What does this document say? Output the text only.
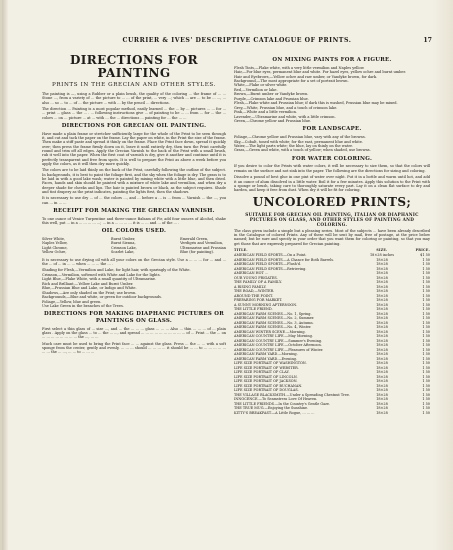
CURRIER & IVES' DESCRIPTIVE CATALOGUE OF PRINTS.	17
DIRECTIONS FOR PAINTING
PRINTS IN THE GRECIAN AND OTHER STYLES.

The painting is —, using a Rubber or a plain brush, the quality of the coloring ... the frame of ... ... Stone ..., from a variety of ... the picture to ... ... of the print, ... very ...; which ... are ... to be ... ..., ... also ... so ... to ... of ... the picture ... with ... by the pencil ... directions.

The direction ... Painting is a most popular method, easily learned ... the ... by ... pictures ... ... for ... ... print ... glass ... the ... . ... following instructions give ... of painting to be ... ... from ... for ... the ... colors ... on ... picture ... at ... with ... the ... directions ... painting for ... the ... ...

DIRECTIONS FOR GRECIAN OIL PAINTING.

Have made a plain frame or stretcher sufficiently large for the whole of the Print to be seen through it, and cut and tack the paper on the frame. Lay the paper on white, in the Print the size of the frame. Then make a stiff paste and spread it thinly on the frame. Place the Print face down, spread it quickly over; then press the frame firmly down on it, leave it until entirely dry, then turn the Print carefully round and trim off all edges. Apply the Grecian Varnish to the back of the Print with a small brush, rub it well into the paper. When the first coat of varnish is dry, give it another and continue until it is perfectly transparent and free from spots. It is well to prepare the Print as above a week before you apply the colors, as it will then dry more quickly.

The colors are to be laid thinly on the back of the Print, carefully following the outline of the subject. In backgrounds, it is best to paint the foliage first, and the sky when the foliage is dry. The grass is to be laid in with a good lake wash; water is painted by mixing white with a little blue, and then dried. Faces, hands and skin should be painted with a mixture of white lake and vermilion, and when dry a deeper shade for cheeks and lips. The hair is painted brown or black, as the subject requires. Shade and tint drapery as the print indicates, painting the lights first, then the shadows.

It is necessary to use dry ... of ... the colors ..., and ... before a ... is ... from ... Varnish ... the ..., you can ... in ... ...

RECEIPT FOR MAKING THE GRECIAN VARNISH.

To one ounce of Venice Turpentine and three-ounce Balsam of Fir, add four ounces of Alcohol, shake this well, put ... in a ... ... ... ... ...; ... in a ... ... ... ... it is ... ... and ... of the ... .

OIL COLORS USED.
Silver White,
Naples Yellow,
Light Chrome,
Yellow Ochre,
Burnt Umber,
Burnt Sienna,
Crimson Lake,
Scarlet Lake,
Emerald Green,
Verdigris and Vermilion,
Ultramarine and Prussian
Blue (for painting).

It is necessary to use drying oil with all your colors on the Grecian style. Use a ... ... ... for ... and ... the ... of ... in ... ... when ... ... ... the ... .

Shading for Flesh,—Vermilion and Lake, for light hair, with sparingly of the White.
Crimson,—Vermilion, softened with White and Lake for the lights.
Light Blue,—Flake White, with a small quantity of Ultramarine.
Rich and Brilliant,—Yellow Lake and Burnt Umber.
Blue,—Prussian Blue and Lake, or Indigo and White.
Shadows,—Are only shaded on the Print; use brown.
Backgrounds,—Blue and white, or green for outdoor backgrounds.
Foliage,—Yellow, blue and green.
Use Lake Green in the branches of the Trees.
DIRECTIONS FOR MAKING DIAPHANIC PICTURES OR PAINTINGS ON GLASS.

First select a thin glass of ... size ..., and ... the ... ... ... glass ... ... ... Also ... thin ... ... ... of ... plain glass . Apply on the glass ... to ... the ... ..., and spread ... ... ... ... ... ... ... ... ... ... of ... Print ... the ... on ... ... ... ... ... ... ... ... the ..., ... ...

Much care must be used to bring the Print face ... ... against the glass. Press ... the ... ... with a soft sponge from the center, gently and evenly, ... ... ... should ... ... ... ... it should be ... ... to ... ... ... ... ... ... ... the ... ..., ... ... to ... ... ...

ON MIXING PAINTS FOR A FIGURE.
Flesh Tints,—Flake white, with a very little vermilion and Naples yellow.
Hair,—For blue eyes, permanent blue and white. For hazel eyes, yellow ochre and burnt umber.
Hair and Eyebrows,—Yellow ochre and raw umber, or Vandyke brown, for dark.
Background,—The most appropriate for a set of portrait brown.
White,—Flake or silver white.
Red,—Vermilion or lake.
Brown,—Burnt umber or Vandyke brown.
Purple,—Crimson lake and Prussian blue.
Flesh,—Flake white and Prussian blue; if dark this is washed, Prussian blue may be mixed.
Grey,—White, Prussian blue, and a touch of crimson lake.
Pink,—White and a little vermilion.
Lavender,—Ultramarine and white, with a little crimson.
Green,—Chrome yellow and Prussian blue.
FOR LANDSCAPE.
Foliage,—Chrome yellow and Prussian blue, vary with any of the browns.
Sky,—Cobalt, toned with white; for the east, permanent blue and white.
Water,—The light parts white; the blue, lay on thinly on the water.
Grass,—Green and white, with a touch of yellow; when shaded, use browns.
FOR WATER COLORING.

If you desire to color the Prints with water colors, it will be necessary to size them, so that the colors will remain on the surface and not sink into the paper. The following are the directions for sizing and coloring.

Dissolve a pound of best glue in one pint of water over night. Put it in a bottle and warm until hot, and add it an ounce of alum dissolved in a little water. Boil it for a few minutes. Apply this solution to the Print with a sponge or brush, taking care to thoroughly saturate every part. Lay it on a clean flat surface to dry and harden, and keep it free from dust. When dry it will be fit for coloring.

UNCOLORED PRINTS;
SUITABLE FOR GRECIAN OIL PAINTING, ITALIAN OR DIAPHANIC PICTURES ON GLASS, AND OTHER STYLES OF PAINTING AND COLORING.

The class given include a simple but a pleasing series. Most of the subjects ... have been already described in the Catalogue of colored Prints. Any of these will be sent by mail, free of postage, at the price below named; but be sure and specify in your order that you want them for coloring or painting, so that you may get those that are expressly prepared for Grecian painting.

TITLE.	SIZE.	PRICE.
AMERICAN FIELD SPORTS.—On a Point.	18×28 inches	$1 50
AMERICAN FIELD SPORTS.—A Chance for Both Barrels.	18×28	1 50
AMERICAN FIELD SPORTS.—Flush'd.	18×28	1 50
AMERICAN FIELD SPORTS.—Retrieving.	18×28	1 50
AMERICAN HOT ...	18×28	1 50
OUR YOUNG FRIGATES.	18×28	1 50
THE FAMILY OF A FAMILY.	18×28	1 50
A RISING FAMILY.	18×28	1 50
THE ROAD,—WINTER.	18×28	1 50
AROUND THE POINT.	18×28	1 50
PREPARING FOR MARKET.	18×28	1 50
A SUNNY MORNING AFTERNOON.	18×28	1 50
THE LITTLE FRIEND.	18×28	1 50
AMERICAN FARM SCENES.—No. 1, Spring.	18×28	1 50
AMERICAN FARM SCENES.—No. 2, Summer.	18×28	1 50
AMERICAN FARM SCENES.—No. 3, Autumn.	18×28	1 50
AMERICAN FARM SCENES.—No. 4, Winter.	18×28	1 50
AMERICAN WINTER SCENE.—Morning.	18×28	1 50
AMERICAN COUNTRY LIFE.—May Morning.	18×28	1 50
AMERICAN COUNTRY LIFE.—Summer's Evening.	18×28	1 50
AMERICAN COUNTRY LIFE.—October Afternoon.	18×28	1 50
AMERICAN COUNTRY LIFE.—Pleasures of Winter.	18×28	1 50
AMERICAN FARM YARD.—Morning.	18×28	1 50
AMERICAN FARM YARD.—Evening.	18×28	1 50
LIFE SIZE PORTRAIT OF WASHINGTON.	18×28	1 50
LIFE SIZE PORTRAIT OF WEBSTER.	18×28	1 50
LIFE SIZE PORTRAIT OF CLAY.	18×28	1 50
LIFE SIZE PORTRAIT OF LINCOLN.	18×28	1 50
LIFE SIZE PORTRAIT OF JACKSON.	18×28	1 50
LIFE SIZE PORTRAIT OF BUCHANAN.	18×28	1 50
LIFE SIZE PORTRAIT OF DOUGLAS.	18×28	1 50
THE VILLAGE BLACKSMITH.—Under a Spreading Chestnut Tree.	18×28	1 50
INNOCENCE.—To Seamstress Love Of Heaven.	18×28	1 50
THE LITTLE FRIENDS.—In the Country's Gentle Gaze.	18×28	1 50
THE TRUE MUG.—Enjoying the Sunshine.	18×28	1 50
KITTY'S BREAKFAST.—A Little Rogue, ... ... ...	18×28	1 50
